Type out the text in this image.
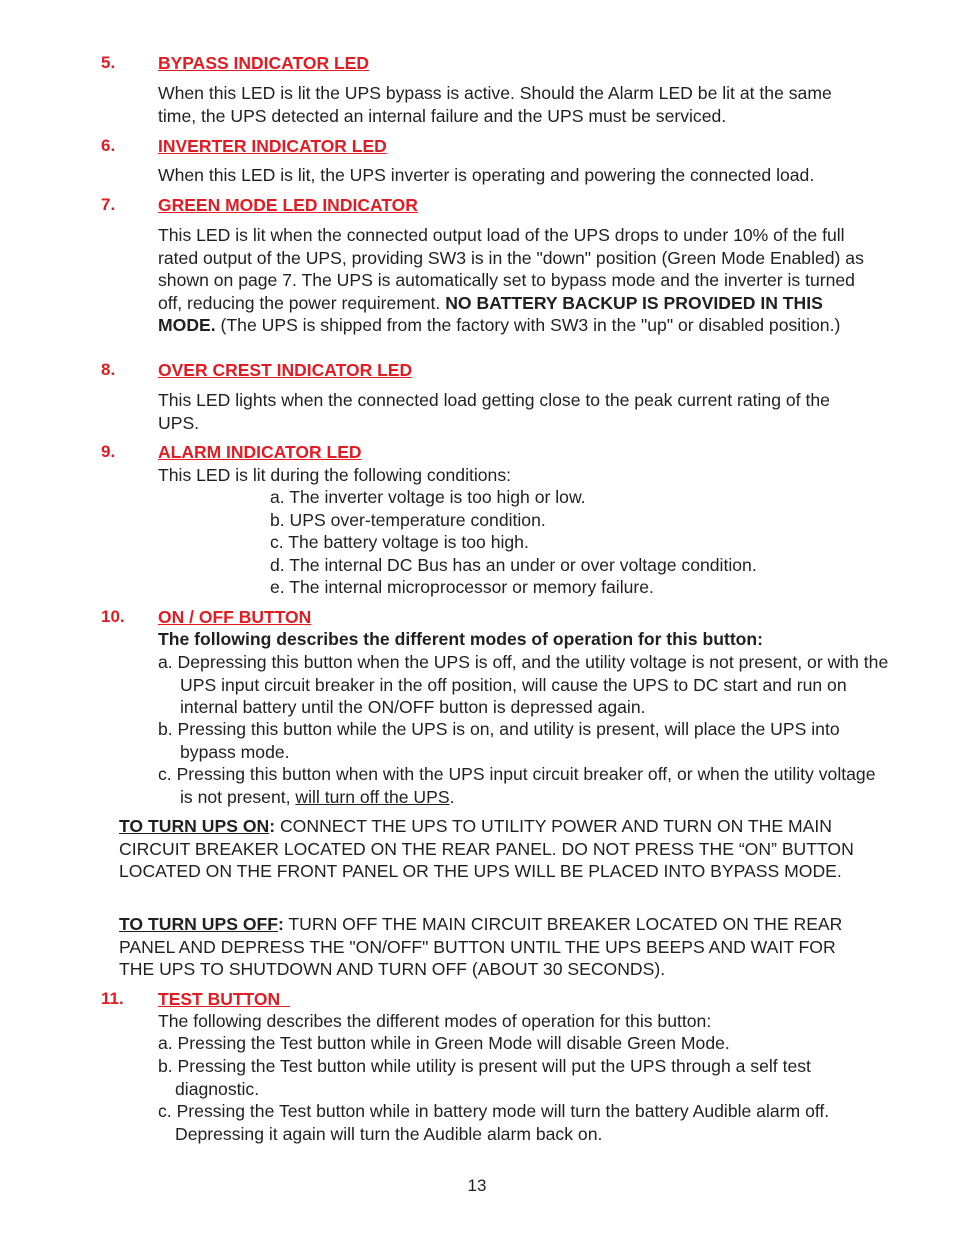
5. BYPASS INDICATOR LED
When this LED is lit the UPS bypass is active. Should the Alarm LED be lit at the same time, the UPS detected an internal failure and the UPS must be serviced.
6. INVERTER INDICATOR LED
When this LED is lit, the UPS inverter is operating and powering the connected load.
7. GREEN MODE LED INDICATOR
This LED is lit when the connected output load of the UPS drops to under 10% of the full rated output of the UPS, providing SW3 is in the "down" position (Green Mode Enabled) as shown on page 7. The UPS is automatically set to bypass mode and the inverter is turned off, reducing the power requirement. NO BATTERY BACKUP IS PROVIDED IN THIS MODE. (The UPS is shipped from the factory with SW3 in the "up" or disabled position.)
8. OVER CREST INDICATOR LED
This LED lights when the connected load getting close to the peak current rating of the UPS.
9. ALARM INDICATOR LED
This LED is lit during the following conditions:
a. The inverter voltage is too high or low.
b. UPS over-temperature condition.
c. The battery voltage is too high.
d. The internal DC Bus has an under or over voltage condition.
e. The internal microprocessor or memory failure.
10. ON / OFF BUTTON
The following describes the different modes of operation for this button:
a. Depressing this button when the UPS is off, and the utility voltage is not present, or with the UPS input circuit breaker in the off position, will cause the UPS to DC start and run on internal battery until the ON/OFF button is depressed again.
b. Pressing this button while the UPS is on, and utility is present, will place the UPS into bypass mode.
c. Pressing this button when with the UPS input circuit breaker off, or when the utility voltage is not present, will turn off the UPS.
TO TURN UPS ON: CONNECT THE UPS TO UTILITY POWER AND TURN ON THE MAIN CIRCUIT BREAKER LOCATED ON THE REAR PANEL. DO NOT PRESS THE “ON” BUTTON LOCATED ON THE FRONT PANEL OR THE UPS WILL BE PLACED INTO BYPASS MODE.
TO TURN UPS OFF: TURN OFF THE MAIN CIRCUIT BREAKER LOCATED ON THE REAR PANEL AND DEPRESS THE "ON/OFF" BUTTON UNTIL THE UPS BEEPS AND WAIT FOR THE UPS TO SHUTDOWN AND TURN OFF (ABOUT 30 SECONDS).
11. TEST BUTTON
The following describes the different modes of operation for this button:
a. Pressing the Test button while in Green Mode will disable Green Mode.
b. Pressing the Test button while utility is present will put the UPS through a self test diagnostic.
c. Pressing the Test button while in battery mode will turn the battery Audible alarm off. Depressing it again will turn the Audible alarm back on.
13
